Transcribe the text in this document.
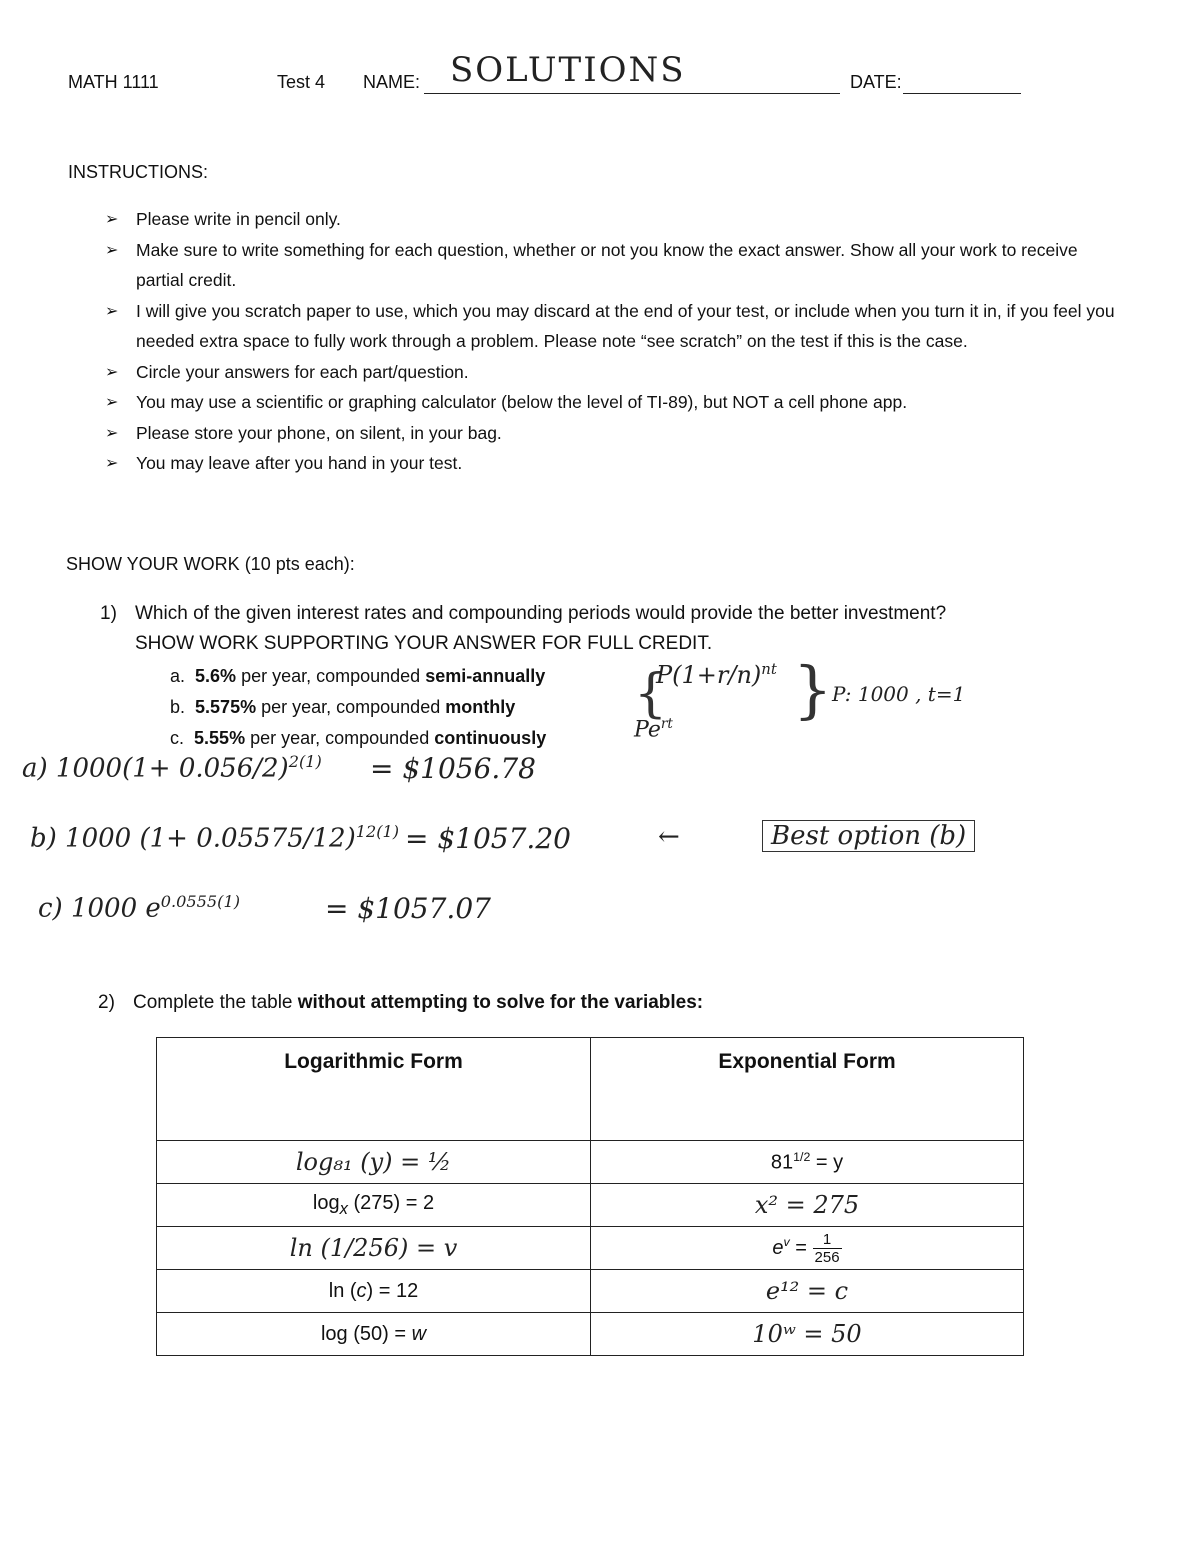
MATH 1111	Test 4 NAME: SOLUTIONS	DATE:
INSTRUCTIONS:
➢ Please write in pencil only.
➢ Make sure to write something for each question, whether or not you know the exact answer. Show all your work to receive partial credit.
➢ I will give you scratch paper to use, which you may discard at the end of your test, or include when you turn it in, if you feel you needed extra space to fully work through a problem. Please note “see scratch” on the test if this is the case.
➢ Circle your answers for each part/question.
➢ You may use a scientific or graphing calculator (below the level of TI-89), but NOT a cell phone app.
➢ Please store your phone, on silent, in your bag.
➢ You may leave after you hand in your test.
SHOW YOUR WORK (10 pts each):
1) Which of the given interest rates and compounding periods would provide the better investment?
SHOW WORK SUPPORTING YOUR ANSWER FOR FULL CREDIT.
a. 5.6% per year, compounded semi-annually
b. 5.575% per year, compounded monthly
c. 5.55% per year, compounded continuously
{
$P(1+r/n)^{nt}$
$Pe^{rt}$ } P: 1000 , t=1
a) $1000(1+ 0.056/2)^{2(1)}$ = $1056.78
b) 1000 $(1+ 0.05575/12)^{12(1)}$ = $1057.20	←	Best option (b)
c) 1000 $e^{0.0555(1)}$	= $1057.07
2) Complete the table without attempting to solve for the variables:
Logarithmic Form	Exponential Form
log₈₁ (y) = ½	$81^{1/2} = y$
$\log_x (275) = 2$	x² = 275
ln (1/256) = v	$e^v = \frac{1}{256}$

ln (c) = 12	e¹² = c
log (50) = w	10ʷ = 50
